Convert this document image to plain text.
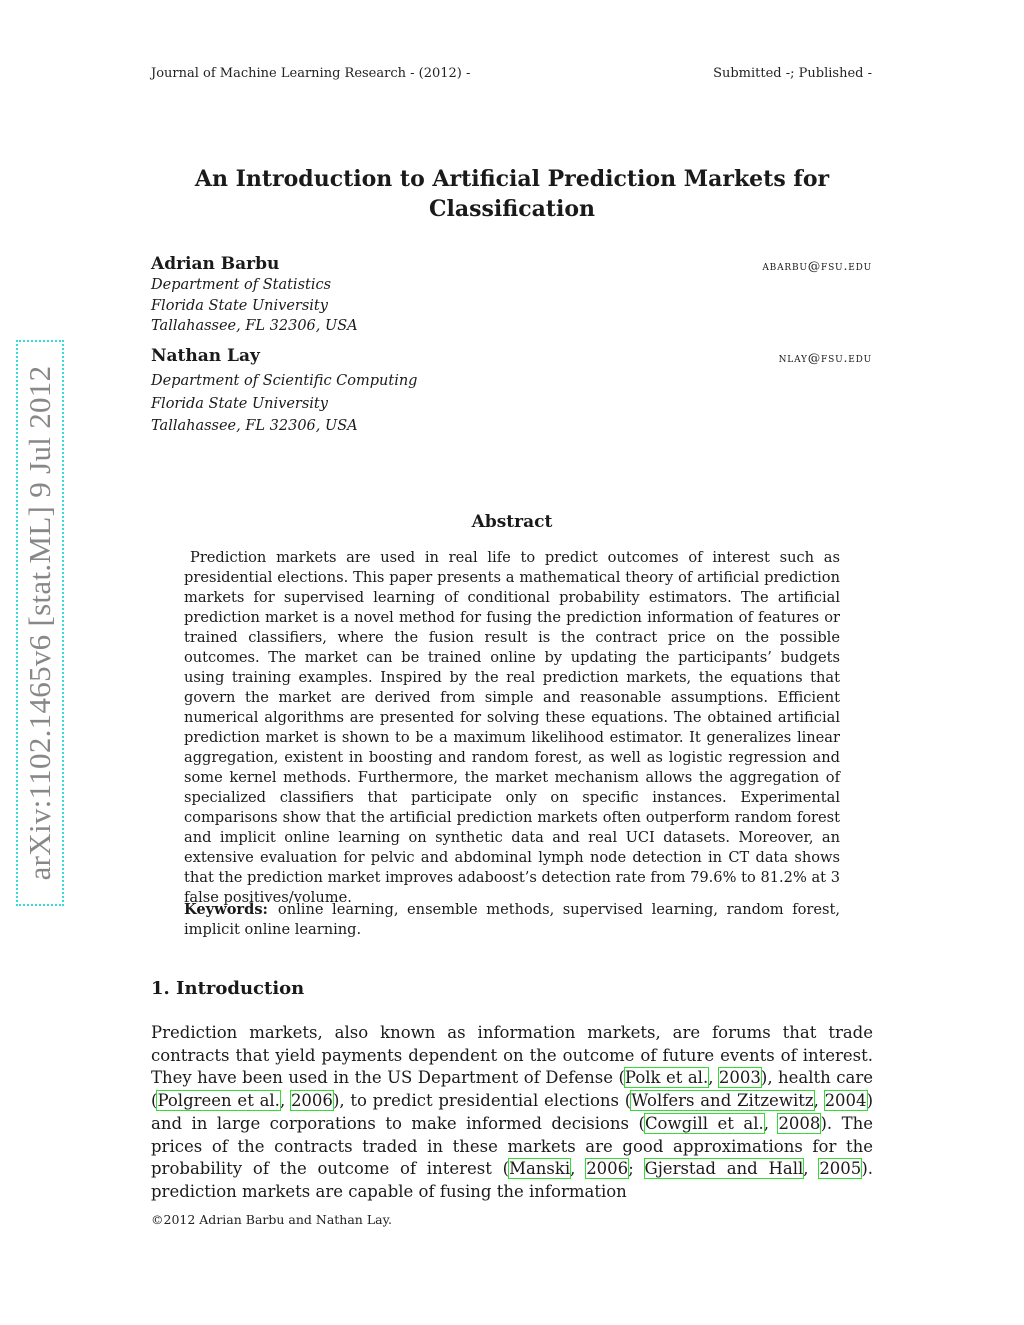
Journal of Machine Learning Research - (2012) -	Submitted -; Published -
An Introduction to Artificial Prediction Markets for
Classification
Adrian Barbu	abarbu@fsu.edu
Department of Statistics
Florida State University
Tallahassee, FL 32306, USA
Nathan Lay	nlay@fsu.edu
Department of Scientific Computing
Florida State University
Tallahassee, FL 32306, USA
Abstract
Prediction markets are used in real life to predict outcomes of interest such as presidential elections. This paper presents a mathematical theory of artificial prediction markets for supervised learning of conditional probability estimators. The artificial prediction market is a novel method for fusing the prediction information of features or trained classifiers, where the fusion result is the contract price on the possible outcomes. The market can be trained online by updating the participants’ budgets using training examples. Inspired by the real prediction markets, the equations that govern the market are derived from simple and reasonable assumptions. Efficient numerical algorithms are presented for solving these equations. The obtained artificial prediction market is shown to be a maximum likelihood estimator. It generalizes linear aggregation, existent in boosting and random forest, as well as logistic regression and some kernel methods. Furthermore, the market mechanism allows the aggregation of specialized classifiers that participate only on specific instances. Experimental comparisons show that the artificial prediction markets often outperform random forest and implicit online learning on synthetic data and real UCI datasets. Moreover, an extensive evaluation for pelvic and abdominal lymph node detection in CT data shows that the prediction market improves adaboost’s detection rate from 79.6% to 81.2% at 3 false positives/volume.
Keywords: online learning, ensemble methods, supervised learning, random forest, implicit online learning.
1. Introduction
Prediction markets, also known as information markets, are forums that trade contracts that yield payments dependent on the outcome of future events of interest. They have been used in the US Department of Defense (Polk et al., 2003), health care (Polgreen et al., 2006), to predict presidential elections (Wolfers and Zitzewitz, 2004) and in large corporations to make informed decisions (Cowgill et al., 2008). The prices of the contracts traded in these markets are good approximations for the probability of the outcome of interest (Manski, 2006; Gjerstad and Hall, 2005). prediction markets are capable of fusing the information
©2012 Adrian Barbu and Nathan Lay.
arXiv:1102.1465v6 [stat.ML] 9 Jul 2012
